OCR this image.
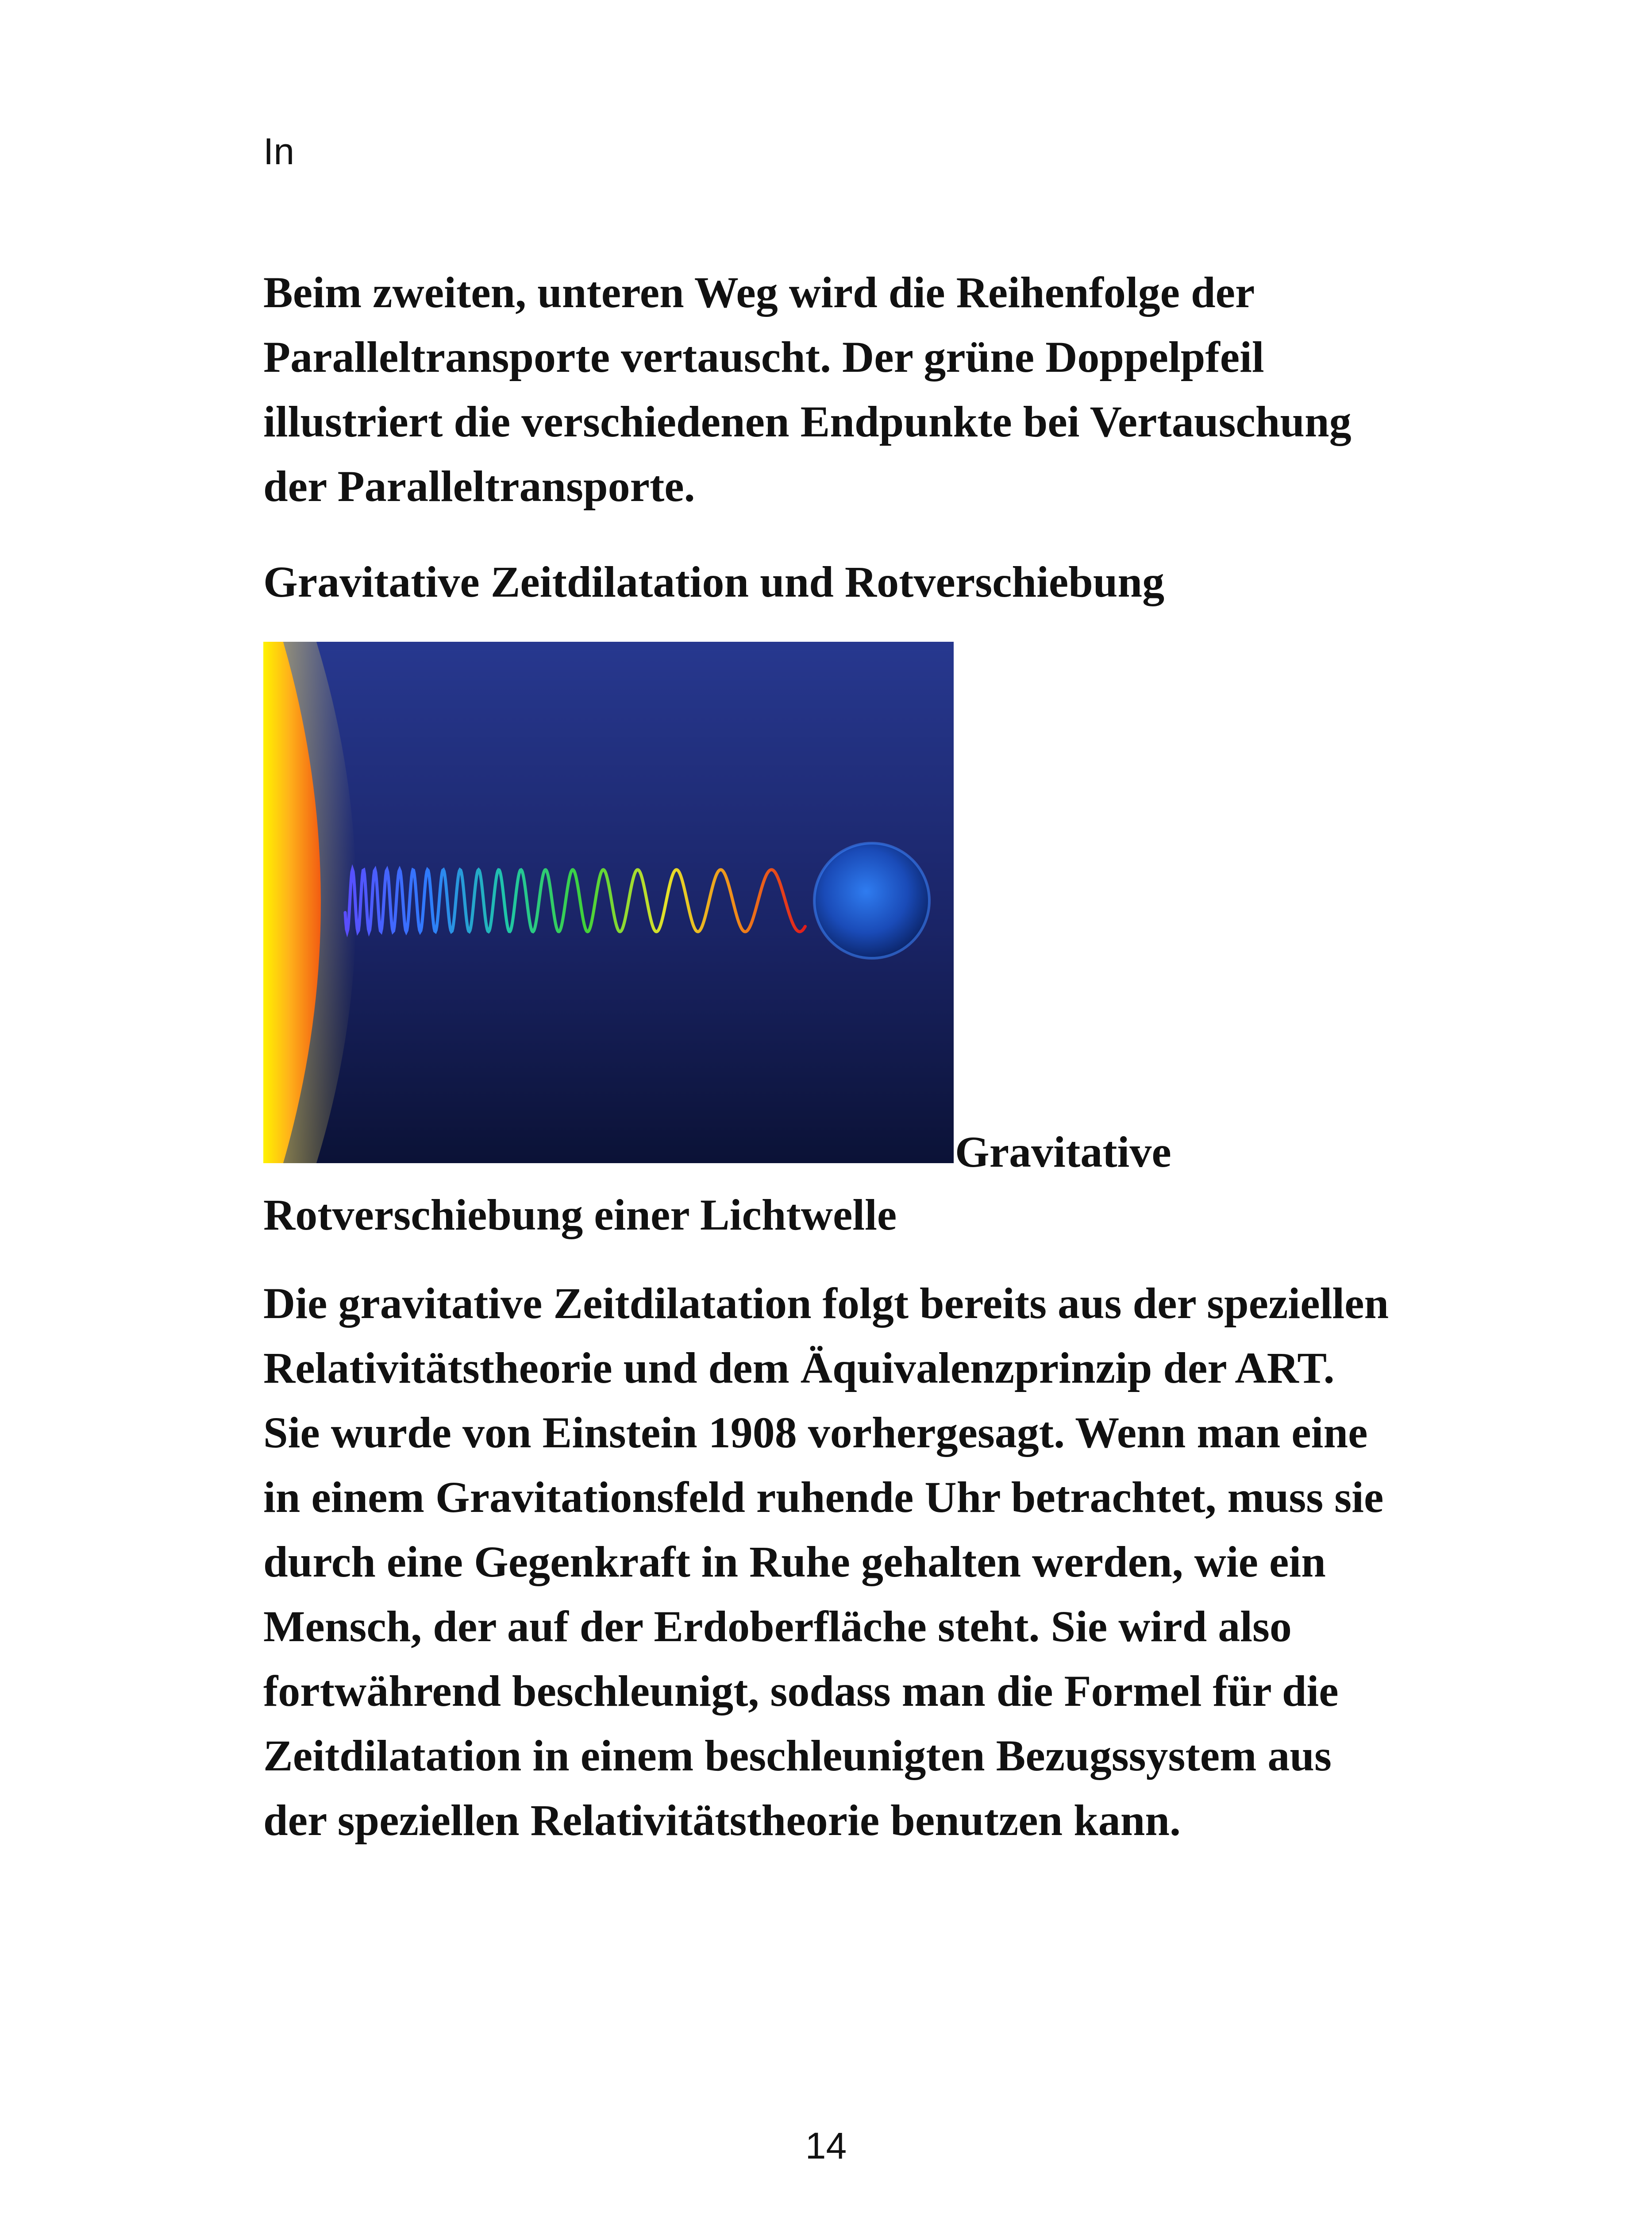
In

Beim zweiten, unteren Weg wird die Reihenfolge der Paralleltransporte vertauscht. Der grüne Doppelpfeil illustriert die verschiedenen Endpunkte bei Vertauschung der Paralleltransporte.

Gravitative Zeitdilatation und Rotverschiebung

Gravitative
Rotverschiebung einer Lichtwelle

Die gravitative Zeitdilatation folgt bereits aus der speziellen Relativitätstheorie und dem Äquivalenzprinzip der ART. Sie wurde von Einstein 1908 vorhergesagt. Wenn man eine in einem Gravitationsfeld ruhende Uhr betrachtet, muss sie durch eine Gegenkraft in Ruhe gehalten werden, wie ein Mensch, der auf der Erdoberfläche steht. Sie wird also fortwährend beschleunigt, sodass man die Formel für die Zeitdilatation in einem beschleunigten Bezugssystem aus der speziellen Relativitätstheorie benutzen kann.

14
